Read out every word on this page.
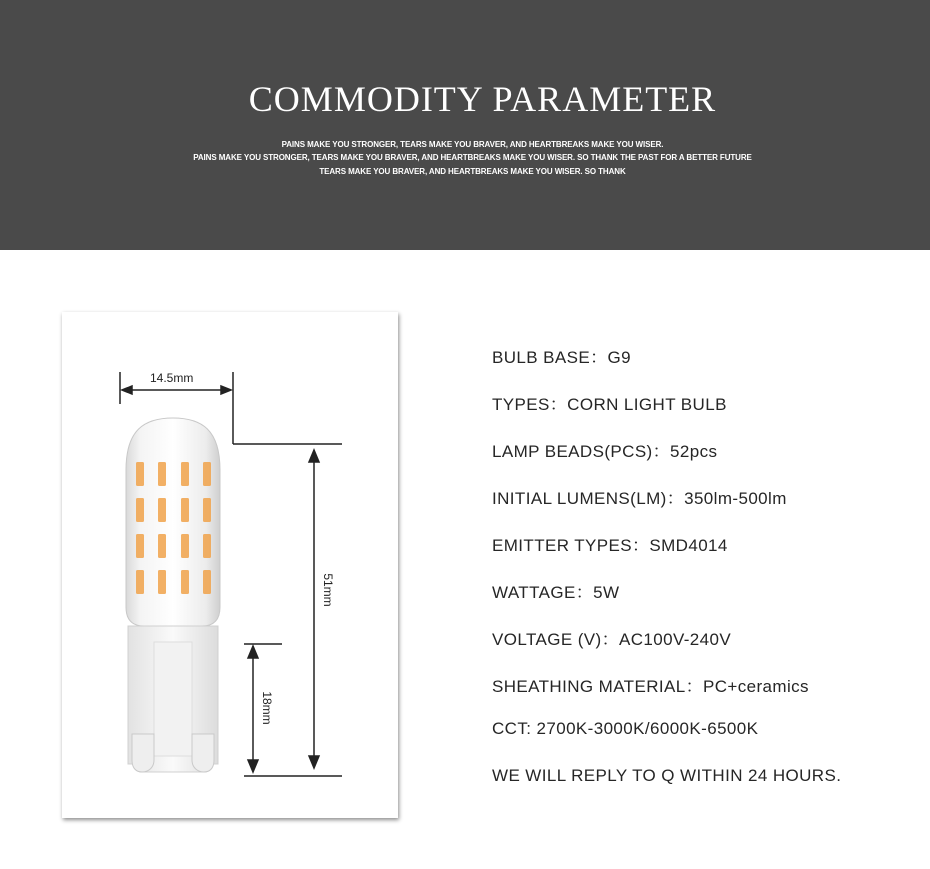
COMMODITY PARAMETER

PAINS MAKE YOU STRONGER, TEARS MAKE YOU BRAVER, AND HEARTBREAKS MAKE YOU WISER.

PAINS MAKE YOU STRONGER, TEARS MAKE YOU BRAVER, AND HEARTBREAKS MAKE YOU WISER. SO THANK THE PAST FOR A BETTER FUTURE

TEARS MAKE YOU BRAVER, AND HEARTBREAKS MAKE YOU WISER. SO THANK

14.5mm
51mm
18mm
BULB BASE：G9
TYPES：CORN LIGHT BULB
LAMP BEADS(PCS)：52pcs
INITIAL LUMENS(LM)：350lm-500lm
EMITTER TYPES：SMD4014
WATTAGE：5W
VOLTAGE (V)：AC100V-240V
SHEATHING MATERIAL：PC+ceramics
CCT: 2700K-3000K/6000K-6500K
WE WILL REPLY TO Q WITHIN 24 HOURS.
